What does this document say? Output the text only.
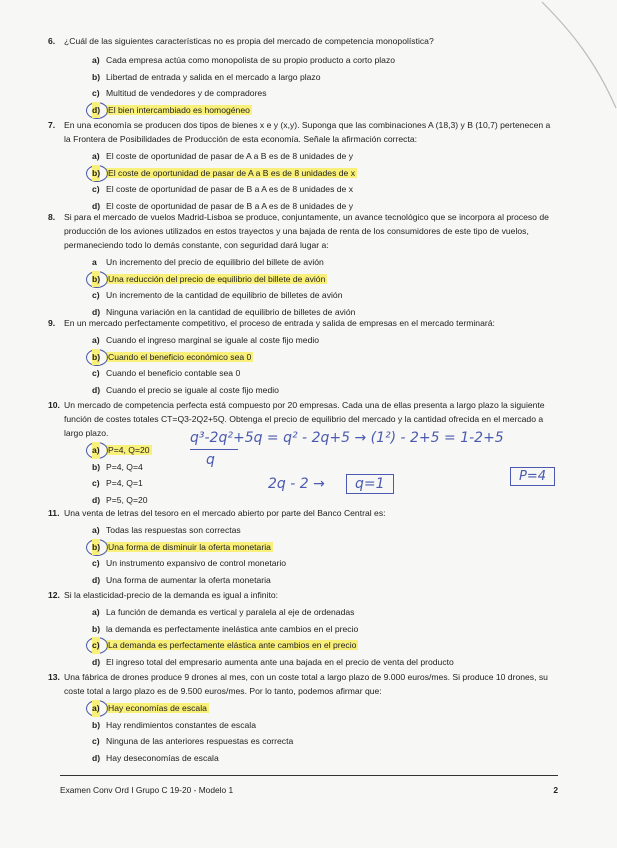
6. ¿Cuál de las siguientes características no es propia del mercado de competencia monopolística?

a) Cada empresa actúa como monopolista de su propio producto a corto plazo
b) Libertad de entrada y salida en el mercado a largo plazo
c) Multitud de vendedores y de compradores
d) El bien intercambiado es homogéneo
7. En una economía se producen dos tipos de bienes x e y (x,y). Suponga que las combinaciones A (18,3) y B (10,7) pertenecen a la Frontera de Posibilidades de Producción de esta economía. Señale la afirmación correcta:

a) El coste de oportunidad de pasar de A a B es de 8 unidades de y
b) El coste de oportunidad de pasar de A a B es de 8 unidades de x
c) El coste de oportunidad de pasar de B a A es de 8 unidades de x
d) El coste de oportunidad de pasar de B a A es de 8 unidades de y
8. Si para el mercado de vuelos Madrid-Lisboa se produce, conjuntamente, un avance tecnológico que se incorpora al proceso de producción de los aviones utilizados en estos trayectos y una bajada de renta de los consumidores de este tipo de vuelos, permaneciendo todo lo demás constante, con seguridad dará lugar a:

a Un incremento del precio de equilibrio del billete de avión
b) Una reducción del precio de equilibrio del billete de avión
c) Un incremento de la cantidad de equilibrio de billetes de avión
d) Ninguna variación en la cantidad de equilibrio de billetes de avión
9. En un mercado perfectamente competitivo, el proceso de entrada y salida de empresas en el mercado terminará:

a) Cuando el ingreso marginal se iguale al coste fijo medio
b) Cuando el beneficio económico sea 0
c) Cuando el beneficio contable sea 0
d) Cuando el precio se iguale al coste fijo medio
10. Un mercado de competencia perfecta está compuesto por 20 empresas. Cada una de ellas presenta a largo plazo la siguiente función de costes totales CT=Q3-2Q2+5Q. Obtenga el precio de equilibrio del mercado y la cantidad ofrecida en el mercado a largo plazo.

a) P=4, Q=20
b) P=4, Q=4
c) P=4, Q=1
d) P=5, Q=20
q³-2q²+5q = q² - 2q+5 → (1²) - 2+5 = 1-2+5
q
2q - 2 →	q=1	P=4
11. Una venta de letras del tesoro en el mercado abierto por parte del Banco Central es:

a) Todas las respuestas son correctas
b) Una forma de disminuir la oferta monetaria
c) Un instrumento expansivo de control monetario
d) Una forma de aumentar la oferta monetaria
12. Si la elasticidad-precio de la demanda es igual a infinito:

a) La función de demanda es vertical y paralela al eje de ordenadas
b) la demanda es perfectamente inelástica ante cambios en el precio
c) La demanda es perfectamente elástica ante cambios en el precio
d) El ingreso total del empresario aumenta ante una bajada en el precio de venta del producto
13. Una fábrica de drones produce 9 drones al mes, con un coste total a largo plazo de 9.000 euros/mes. Si produce 10 drones, su coste total a largo plazo es de 9.500 euros/mes. Por lo tanto, podemos afirmar que:

a) Hay economías de escala
b) Hay rendimientos constantes de escala
c) Ninguna de las anteriores respuestas es correcta
d) Hay deseconomías de escala
Examen Conv Ord I Grupo C 19-20 - Modelo 1	2
